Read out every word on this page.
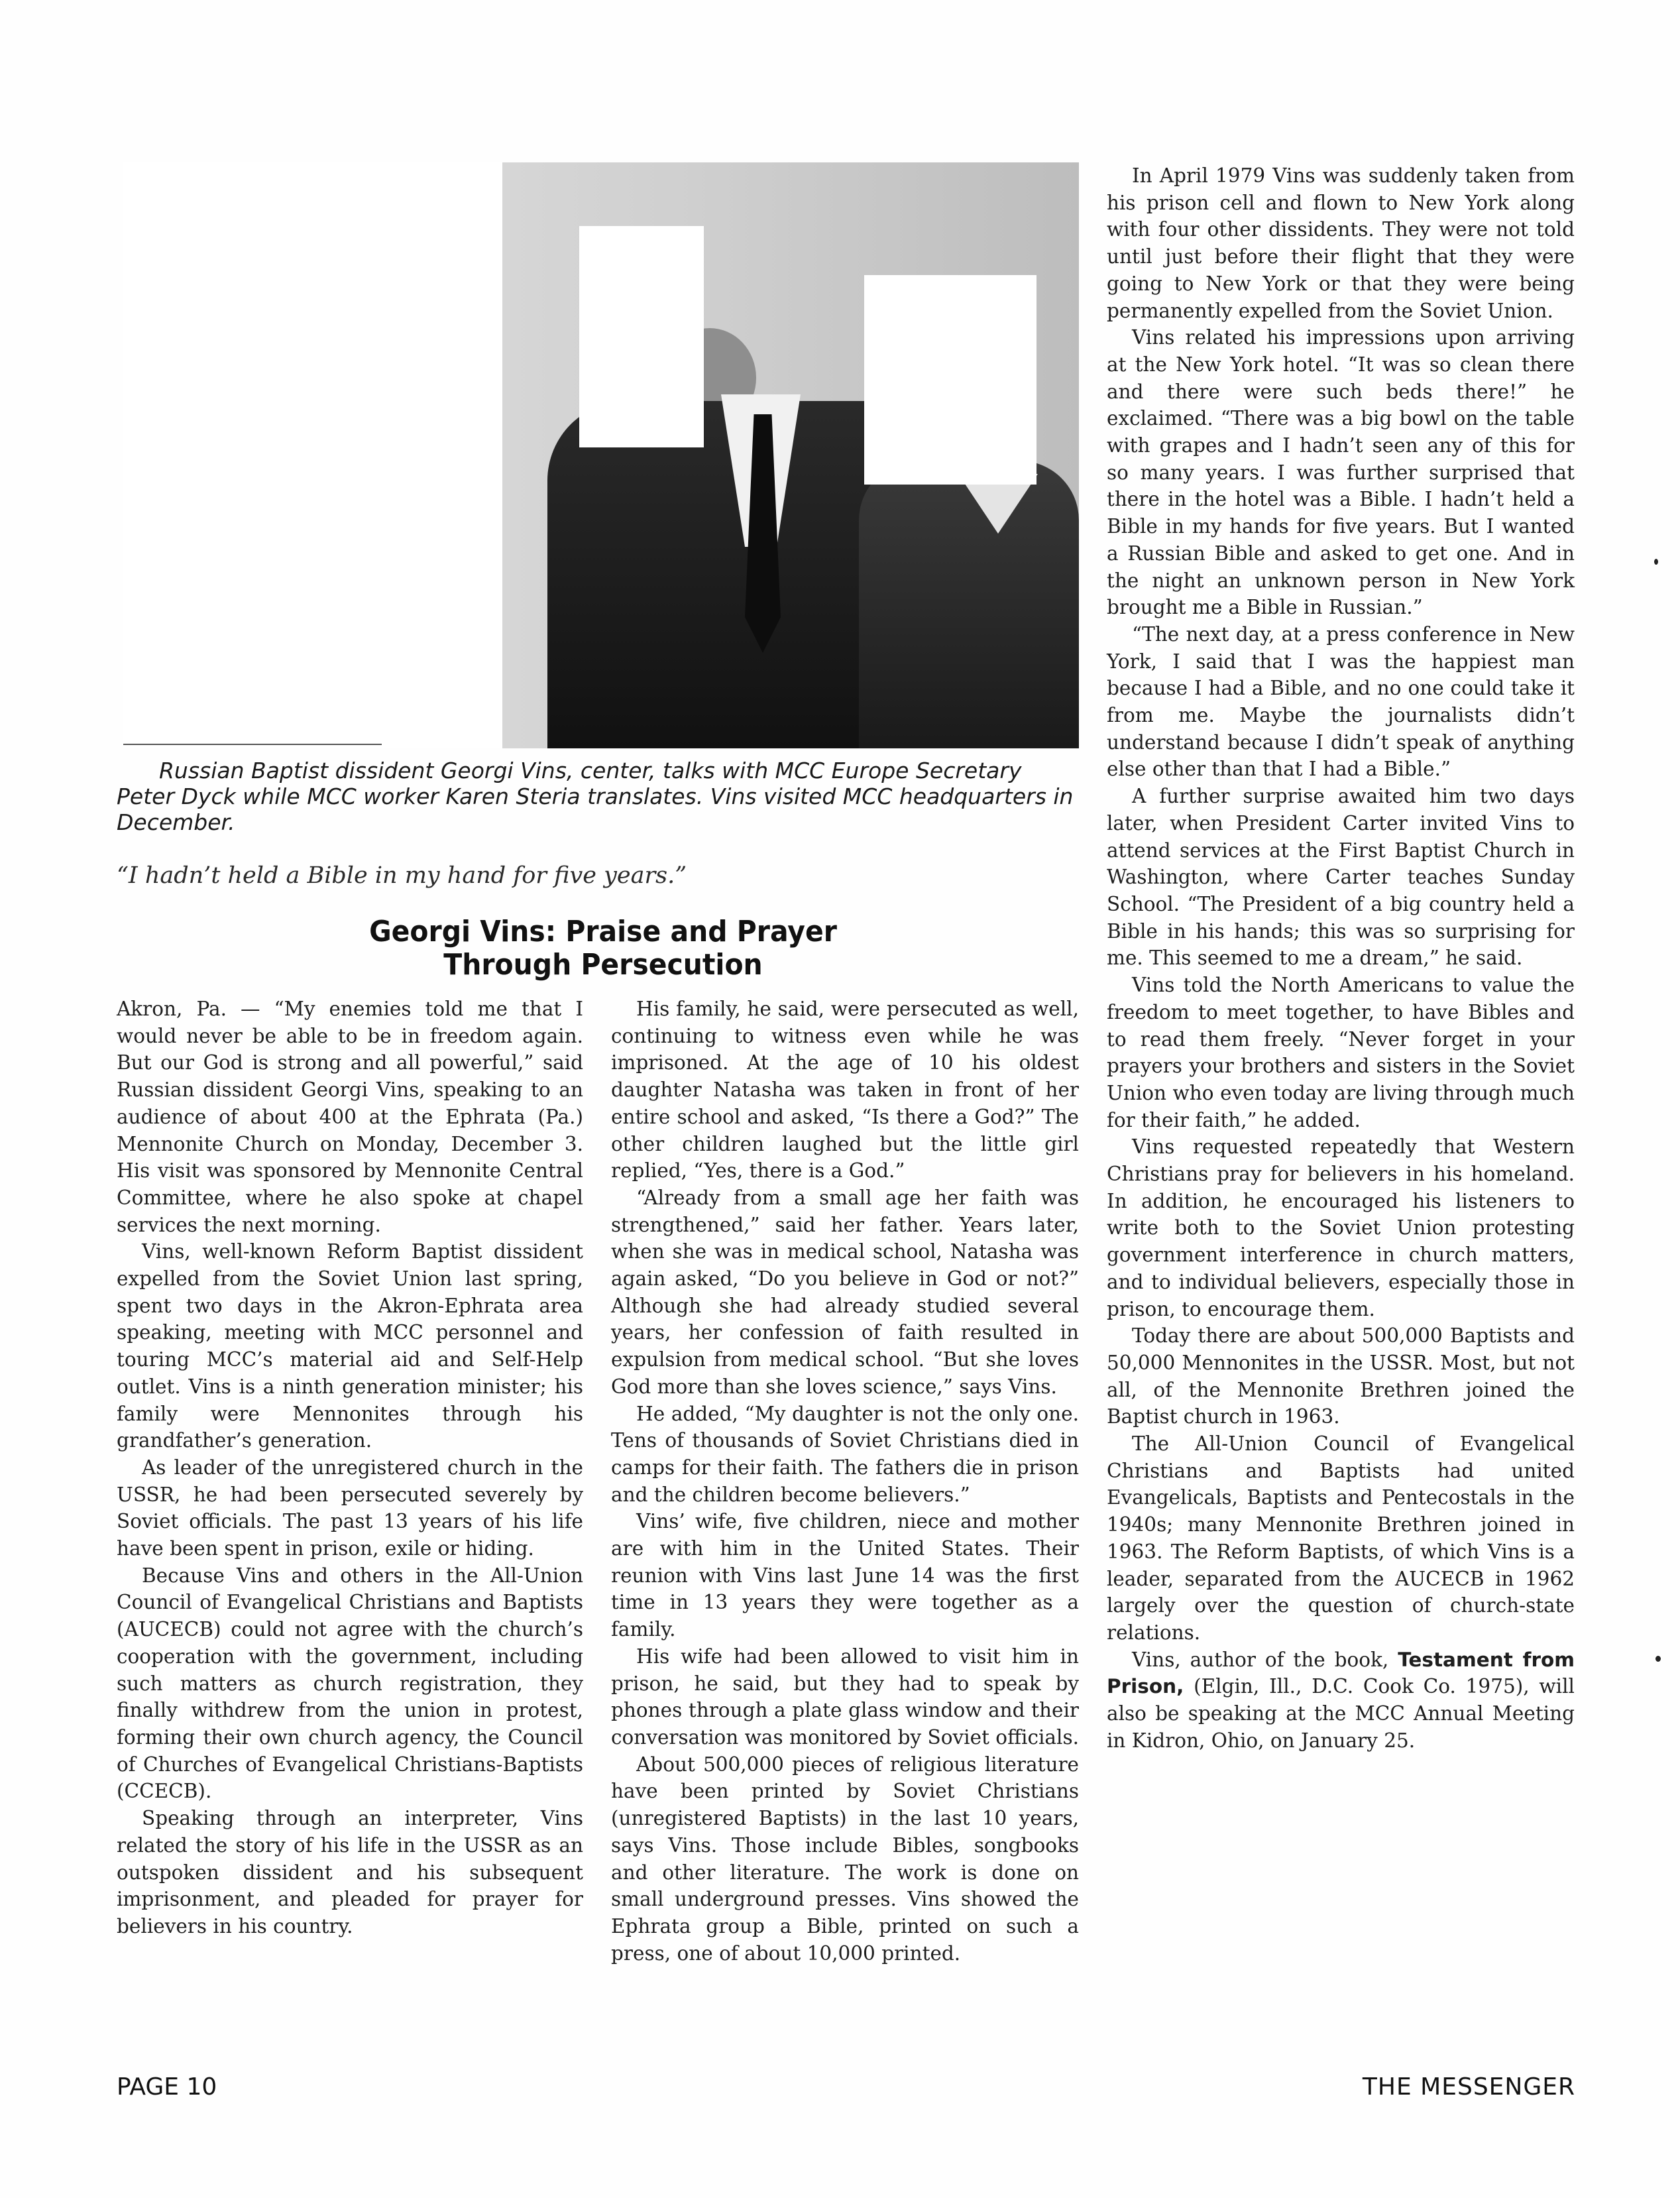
Russian Baptist dissident Georgi Vins, center, talks with MCC Europe Secretary Peter Dyck while MCC worker Karen Steria translates. Vins visited MCC headquarters in December.

“I hadn’t held a Bible in my hand for five years.”

Georgi Vins: Praise and Prayer
Through Persecution

Akron, Pa. — “My enemies told me that I would never be able to be in freedom again. But our God is strong and all powerful,” said Russian dissident Georgi Vins, speaking to an audience of about 400 at the Ephrata (Pa.) Mennonite Church on Monday, December 3. His visit was sponsored by Mennonite Central Committee, where he also spoke at chapel services the next morning.

Vins, well-known Reform Baptist dissident expelled from the Soviet Union last spring, spent two days in the Akron-Ephrata area speaking, meeting with MCC personnel and touring MCC’s material aid and Self-Help outlet. Vins is a ninth generation minister; his family were Mennonites through his grandfather’s generation.

As leader of the unregistered church in the USSR, he had been persecuted severely by Soviet officials. The past 13 years of his life have been spent in prison, exile or hiding.

Because Vins and others in the All-Union Council of Evangelical Christians and Baptists (AUCECB) could not agree with the church’s cooperation with the government, including such matters as church registration, they finally withdrew from the union in protest, forming their own church agency, the Council of Churches of Evangelical Christians-Baptists (CCECB).

Speaking through an interpreter, Vins related the story of his life in the USSR as an outspoken dissident and his subsequent imprisonment, and pleaded for prayer for believers in his country.

His family, he said, were persecuted as well, continuing to witness even while he was imprisoned. At the age of 10 his oldest daughter Natasha was taken in front of her entire school and asked, “Is there a God?” The other children laughed but the little girl replied, “Yes, there is a God.”

“Already from a small age her faith was strengthened,” said her father. Years later, when she was in medical school, Natasha was again asked, “Do you believe in God or not?” Although she had already studied several years, her confession of faith resulted in expulsion from medical school. “But she loves God more than she loves science,” says Vins.

He added, “My daughter is not the only one. Tens of thousands of Soviet Christians died in camps for their faith. The fathers die in prison and the children become believers.”

Vins’ wife, five children, niece and mother are with him in the United States. Their reunion with Vins last June 14 was the first time in 13 years they were together as a family.

His wife had been allowed to visit him in prison, he said, but they had to speak by phones through a plate glass window and their conversation was monitored by Soviet officials.

About 500,000 pieces of religious literature have been printed by Soviet Christians (unregistered Baptists) in the last 10 years, says Vins. Those include Bibles, songbooks and other literature. The work is done on small underground presses. Vins showed the Ephrata group a Bible, printed on such a press, one of about 10,000 printed.

In April 1979 Vins was suddenly taken from his prison cell and flown to New York along with four other dissidents. They were not told until just before their flight that they were going to New York or that they were being permanently expelled from the Soviet Union.

Vins related his impressions upon arriving at the New York hotel. “It was so clean there and there were such beds there!” he exclaimed. “There was a big bowl on the table with grapes and I hadn’t seen any of this for so many years. I was further surprised that there in the hotel was a Bible. I hadn’t held a Bible in my hands for five years. But I wanted a Russian Bible and asked to get one. And in the night an unknown person in New York brought me a Bible in Russian.”

“The next day, at a press conference in New York, I said that I was the happiest man because I had a Bible, and no one could take it from me. Maybe the journalists didn’t understand because I didn’t speak of anything else other than that I had a Bible.”

A further surprise awaited him two days later, when President Carter invited Vins to attend services at the First Baptist Church in Washington, where Carter teaches Sunday School. “The President of a big country held a Bible in his hands; this was so surprising for me. This seemed to me a dream,” he said.

Vins told the North Americans to value the freedom to meet together, to have Bibles and to read them freely. “Never forget in your prayers your brothers and sisters in the Soviet Union who even today are living through much for their faith,” he added.

Vins requested repeatedly that Western Christians pray for believers in his homeland. In addition, he encouraged his listeners to write both to the Soviet Union protesting government interference in church matters, and to individual believers, especially those in prison, to encourage them.

Today there are about 500,000 Baptists and 50,000 Mennonites in the USSR. Most, but not all, of the Mennonite Brethren joined the Baptist church in 1963.

The All-Union Council of Evangelical Christians and Baptists had united Evangelicals, Baptists and Pentecostals in the 1940s; many Mennonite Brethren joined in 1963. The Reform Baptists, of which Vins is a leader, separated from the AUCECB in 1962 largely over the question of church-state relations.

Vins, author of the book, Testament from Prison, (Elgin, Ill., D.C. Cook Co. 1975), will also be speaking at the MCC Annual Meeting in Kidron, Ohio, on January 25.

PAGE 10	THE MESSENGER
